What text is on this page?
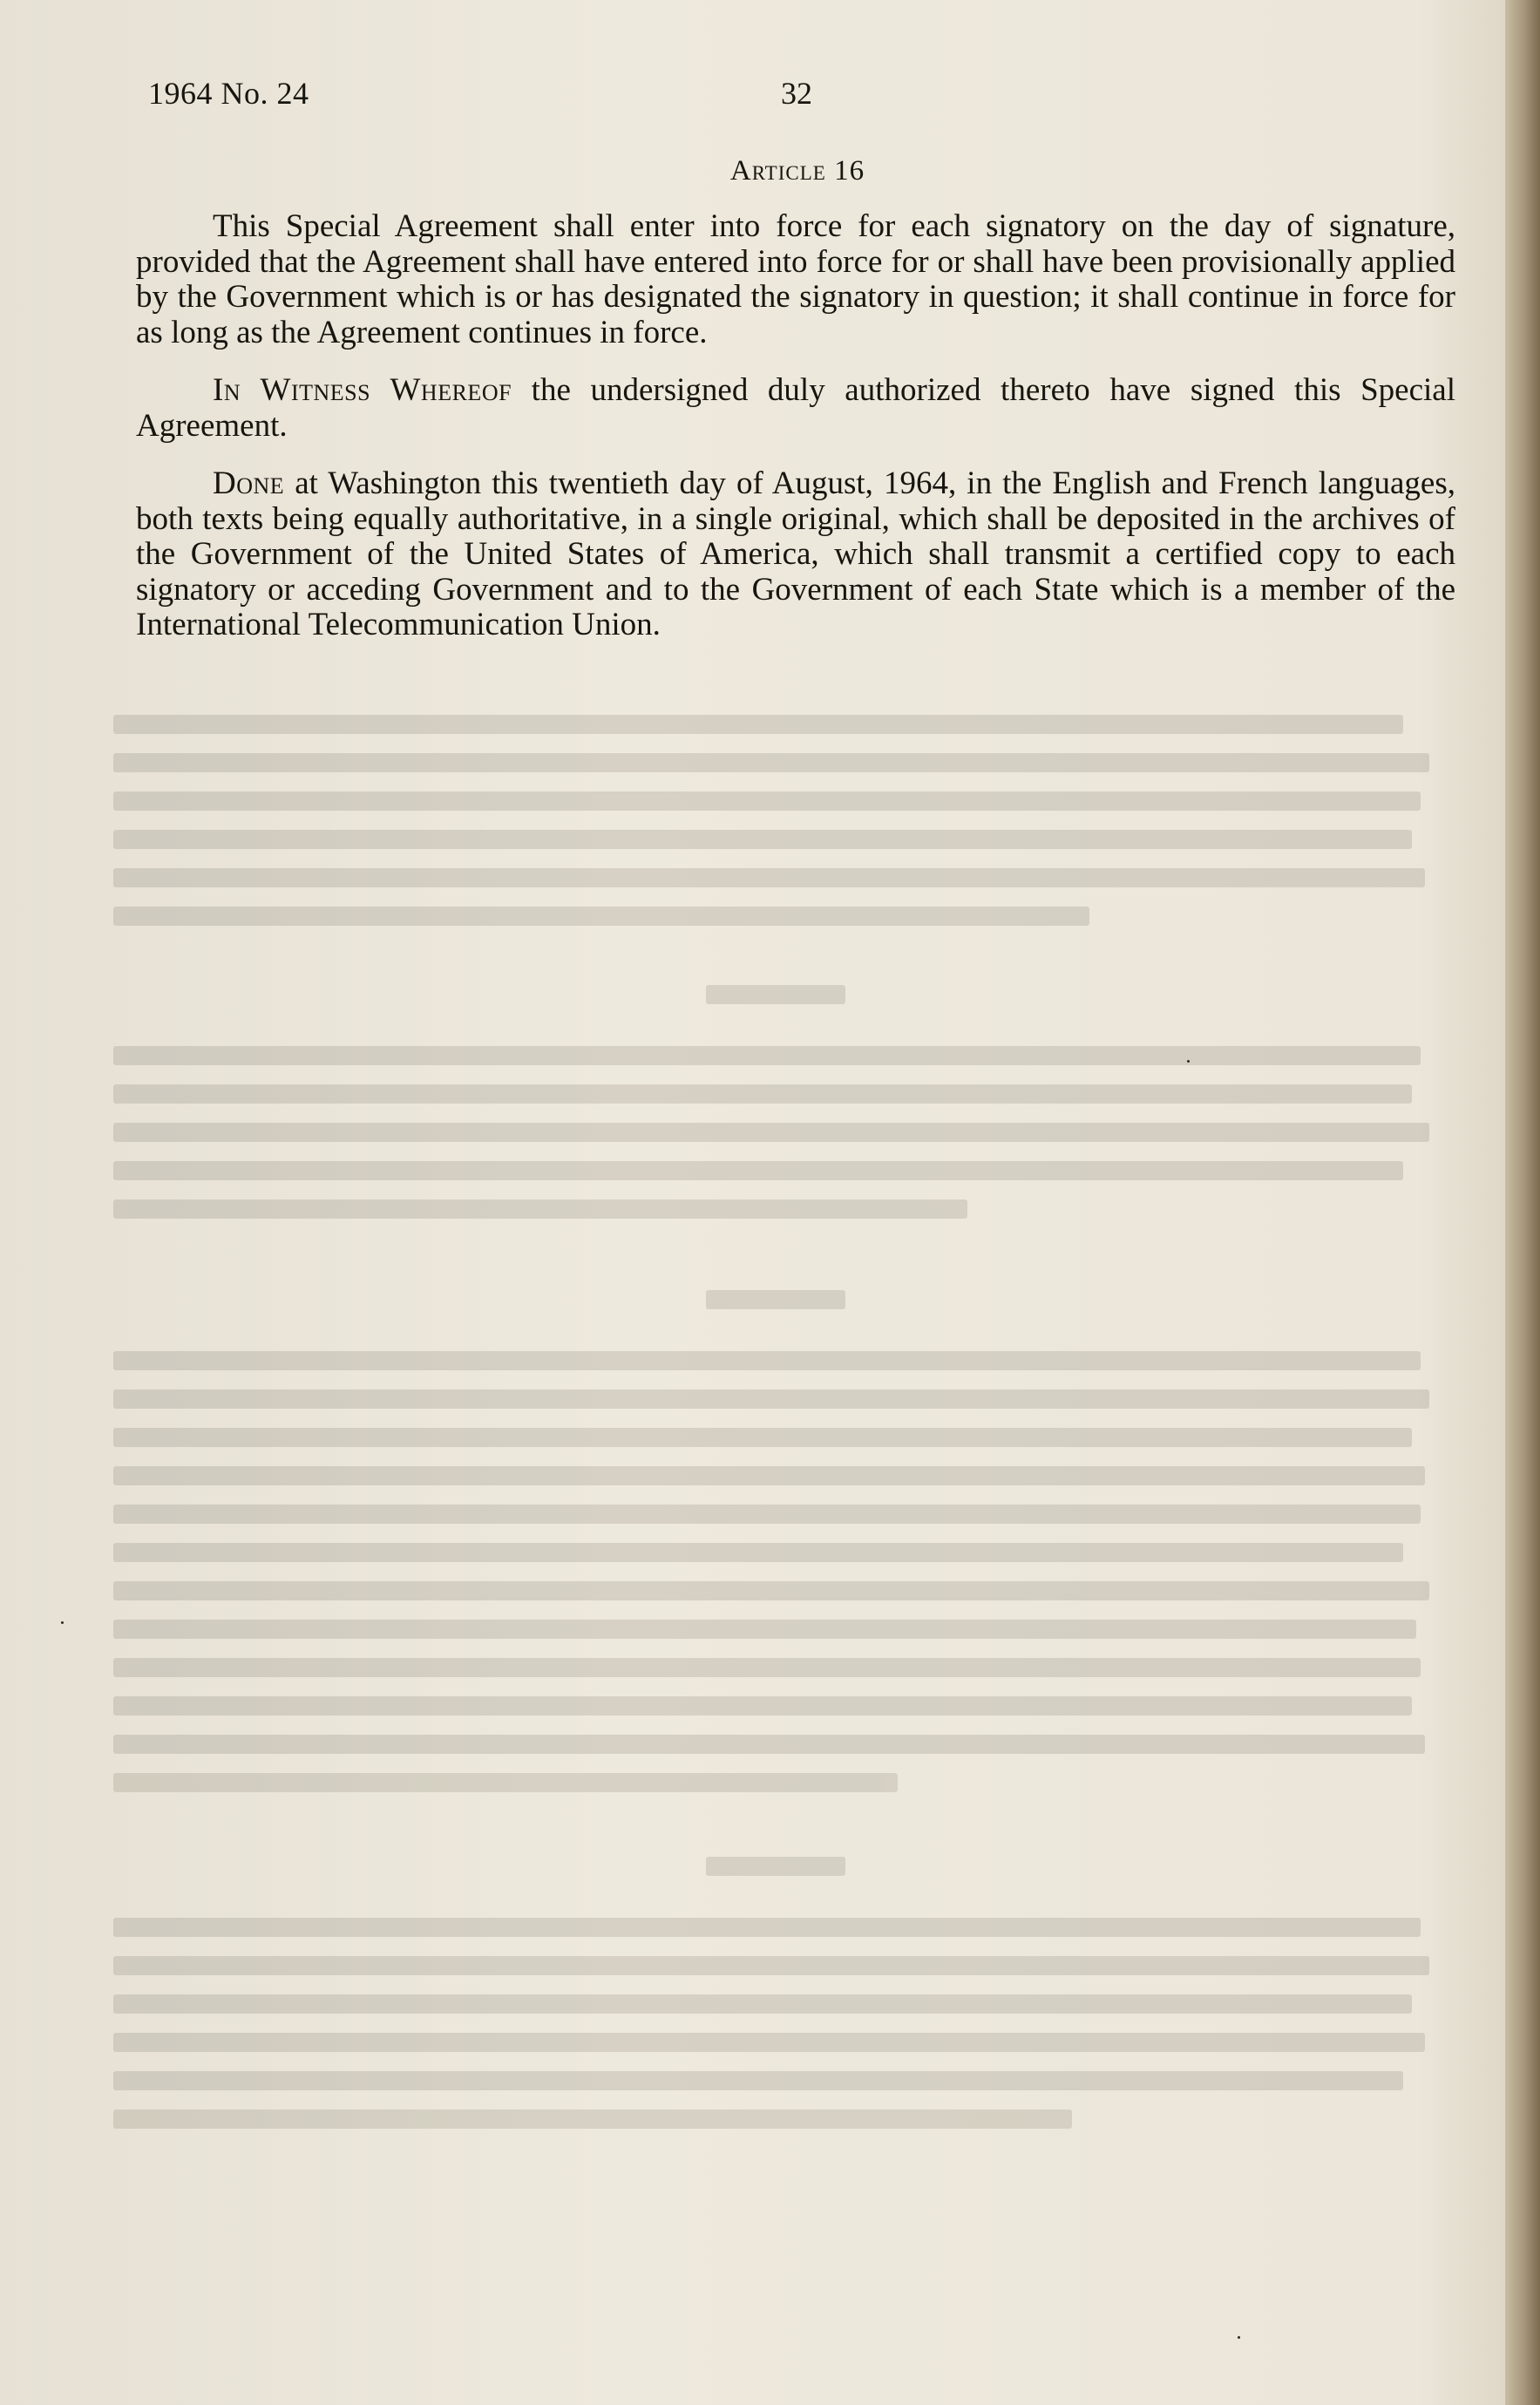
1964 No. 24	32
Article 16

This Special Agreement shall enter into force for each signatory on the day of signature, provided that the Agreement shall have entered into force for or shall have been provisionally applied by the Government which is or has designated the signatory in question; it shall continue in force for as long as the Agreement continues in force.

In Witness Whereof the undersigned duly authorized thereto have signed this Special Agreement.

Done at Washington this twentieth day of August, 1964, in the English and French languages, both texts being equally authoritative, in a single original, which shall be deposited in the archives of the Government of the United States of America, which shall transmit a certified copy to each signatory or acceding Government and to the Government of each State which is a member of the International Telecommunication Union.
